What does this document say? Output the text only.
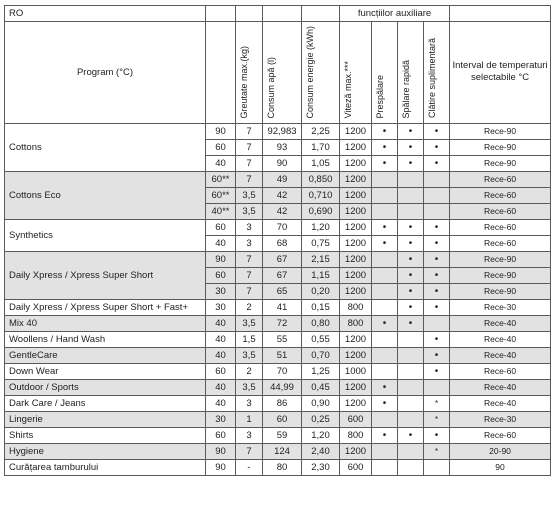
RO					funcțiilor auxiliare				
Program (°C)		Greutate max.(kg)	Consum apă (l)	Consum energie (kWh)	Viteză max.***	Prespălare	Spălare rapidă	Clătire suplimentară	Interval de temperaturi selectabile °C
Cottons	90	7	92,983	2,25	1200	•	•	•	Rece-90
	60	7	93	1,70	1200	•	•	•	Rece-90
	40	7	90	1,05	1200	•	•	•	Rece-90
Cottons Eco	60**	7	49	0,850	1200				Rece-60
	60**	3,5	42	0,710	1200				Rece-60
	40**	3,5	42	0,690	1200				Rece-60
Synthetics	60	3	70	1,20	1200	•	•	•	Rece-60
	40	3	68	0,75	1200	•	•	•	Rece-60
Daily Xpress / Xpress Super Short	90	7	67	2,15	1200		•	•	Rece-90
	60	7	67	1,15	1200		•	•	Rece-90
	30	7	65	0,20	1200		•	•	Rece-90
Daily Xpress / Xpress Super Short + Fast+	30	2	41	0,15	800		•	•	Rece-30
Mix 40	40	3,5	72	0,80	800	•	•		Rece-40
Woollens / Hand Wash	40	1,5	55	0,55	1200			•	Rece-40
GentleCare	40	3,5	51	0,70	1200			•	Rece-40
Down Wear	60	2	70	1,25	1000			•	Rece-60
Outdoor / Sports	40	3,5	44,99	0,45	1200	•			Rece-40
Dark Care / Jeans	40	3	86	0,90	1200	•		*	Rece-40
Lingerie	30	1	60	0,25	600			*	Rece-30
Shirts	60	3	59	1,20	800	•	•	•	Rece-60
Hygiene	90	7	124	2,40	1200			*	20-90
Curățarea tamburului	90	-	80	2,30	600				90
